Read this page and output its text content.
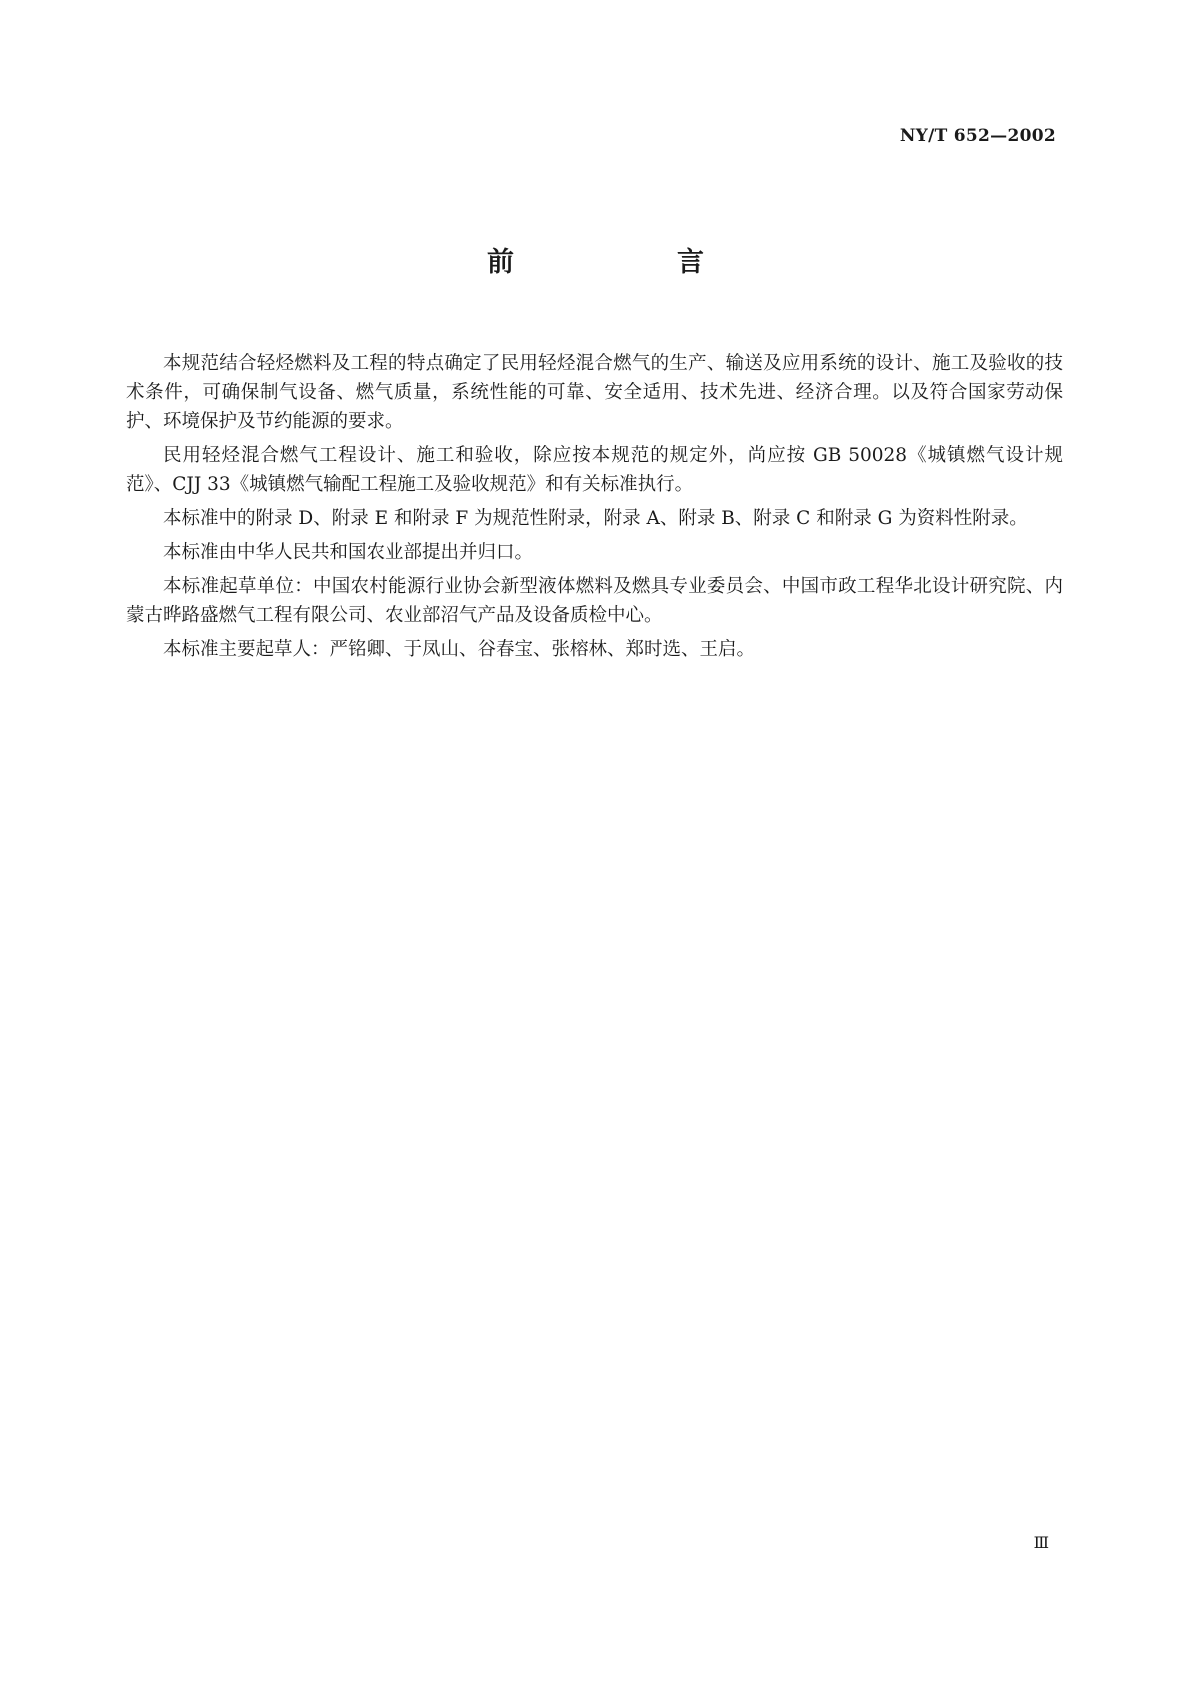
NY/T 652—2002
前　言

本规范结合轻烃燃料及工程的特点确定了民用轻烃混合燃气的生产、输送及应用系统的设计、施工及验收的技术条件，可确保制气设备、燃气质量，系统性能的可靠、安全适用、技术先进、经济合理。以及符合国家劳动保护、环境保护及节约能源的要求。

民用轻烃混合燃气工程设计、施工和验收，除应按本规范的规定外，尚应按 GB 50028《城镇燃气设计规范》、CJJ 33《城镇燃气输配工程施工及验收规范》和有关标准执行。

本标准中的附录 D、附录 E 和附录 F 为规范性附录，附录 A、附录 B、附录 C 和附录 G 为资料性附录。

本标准由中华人民共和国农业部提出并归口。

本标准起草单位：中国农村能源行业协会新型液体燃料及燃具专业委员会、中国市政工程华北设计研究院、内蒙古晔路盛燃气工程有限公司、农业部沼气产品及设备质检中心。

本标准主要起草人：严铭卿、于凤山、谷春宝、张榕林、郑时选、王启。

Ⅲ
